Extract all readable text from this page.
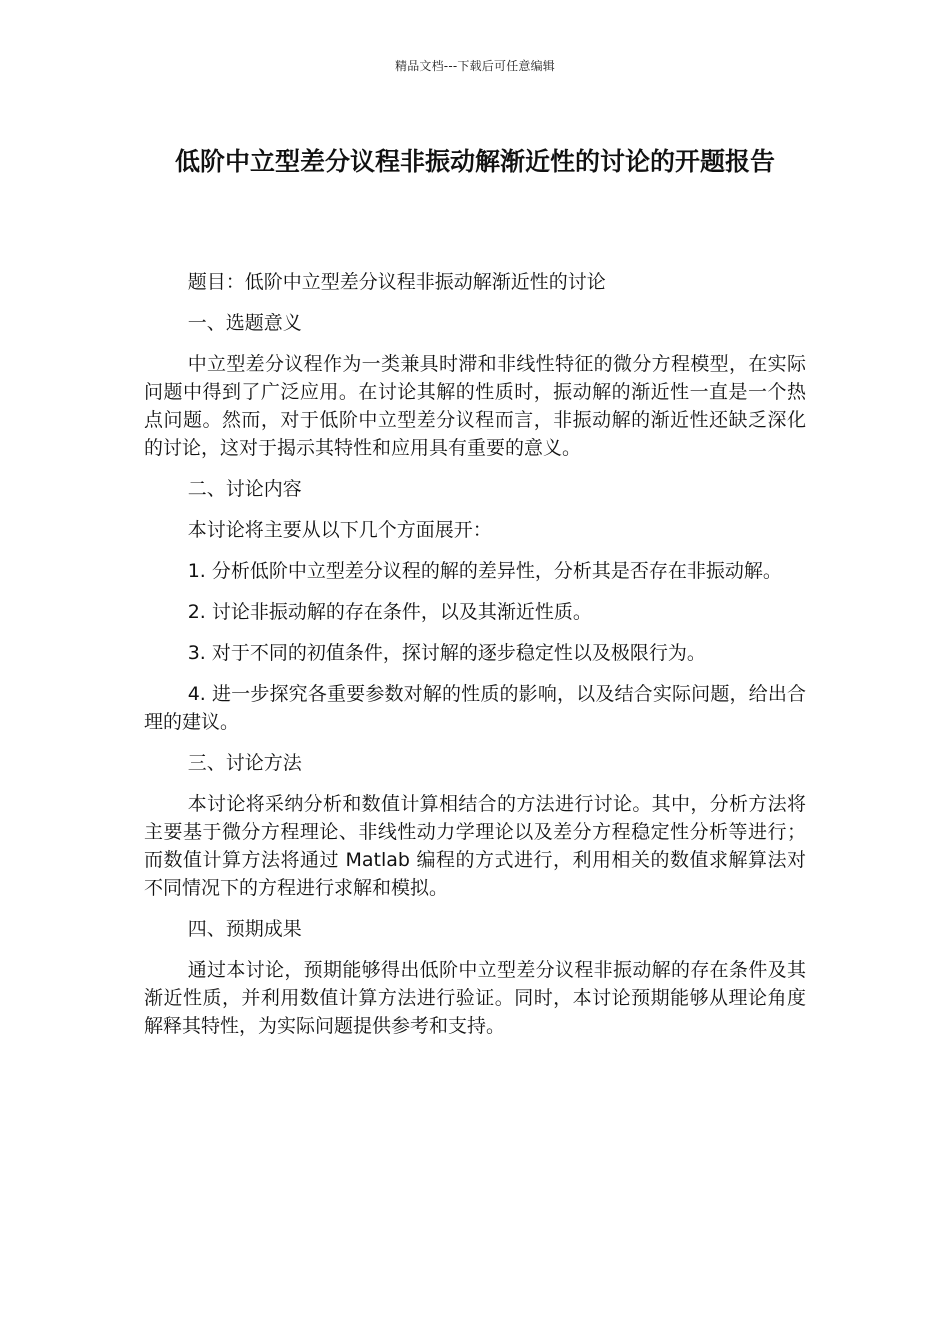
精品文档---下载后可任意编辑
低阶中立型差分议程非振动解渐近性的讨论的开题报告

题目：低阶中立型差分议程非振动解渐近性的讨论

一、选题意义

中立型差分议程作为一类兼具时滞和非线性特征的微分方程模型，在实际问题中得到了广泛应用。在讨论其解的性质时，振动解的渐近性一直是一个热点问题。然而，对于低阶中立型差分议程而言，非振动解的渐近性还缺乏深化的讨论，这对于揭示其特性和应用具有重要的意义。

二、讨论内容

本讨论将主要从以下几个方面展开：

1. 分析低阶中立型差分议程的解的差异性，分析其是否存在非振动解。

2. 讨论非振动解的存在条件，以及其渐近性质。

3. 对于不同的初值条件，探讨解的逐步稳定性以及极限行为。

4. 进一步探究各重要参数对解的性质的影响，以及结合实际问题，给出合理的建议。

三、讨论方法

本讨论将采纳分析和数值计算相结合的方法进行讨论。其中，分析方法将主要基于微分方程理论、非线性动力学理论以及差分方程稳定性分析等进行；而数值计算方法将通过 Matlab 编程的方式进行，利用相关的数值求解算法对不同情况下的方程进行求解和模拟。

四、预期成果

通过本讨论，预期能够得出低阶中立型差分议程非振动解的存在条件及其渐近性质，并利用数值计算方法进行验证。同时，本讨论预期能够从理论角度解释其特性，为实际问题提供参考和支持。
